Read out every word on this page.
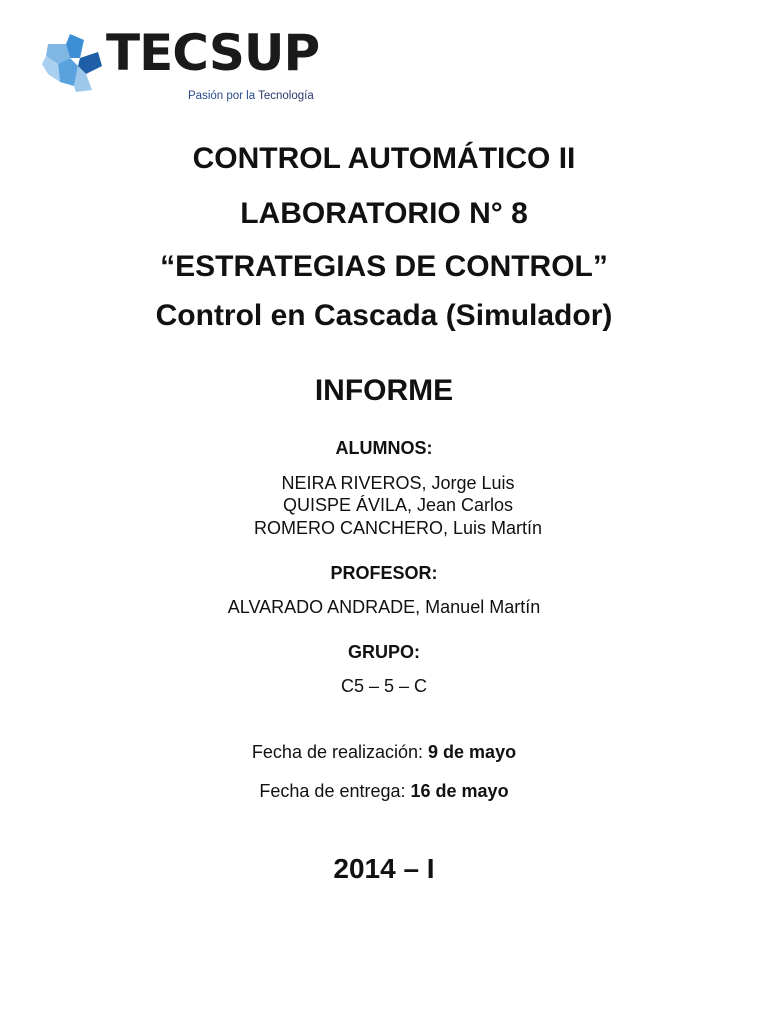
TECSUP
Pasión por la Tecnología
CONTROL AUTOMÁTICO II
LABORATORIO N° 8
“ESTRATEGIAS DE CONTROL”
Control en Cascada (Simulador)
INFORME
ALUMNOS:
NEIRA RIVEROS, Jorge Luis
QUISPE ÁVILA, Jean Carlos
ROMERO CANCHERO, Luis Martín
PROFESOR:
ALVARADO ANDRADE, Manuel Martín
GRUPO:
C5 – 5 – C
Fecha de realización: 9 de mayo
Fecha de entrega: 16 de mayo
2014 – I
